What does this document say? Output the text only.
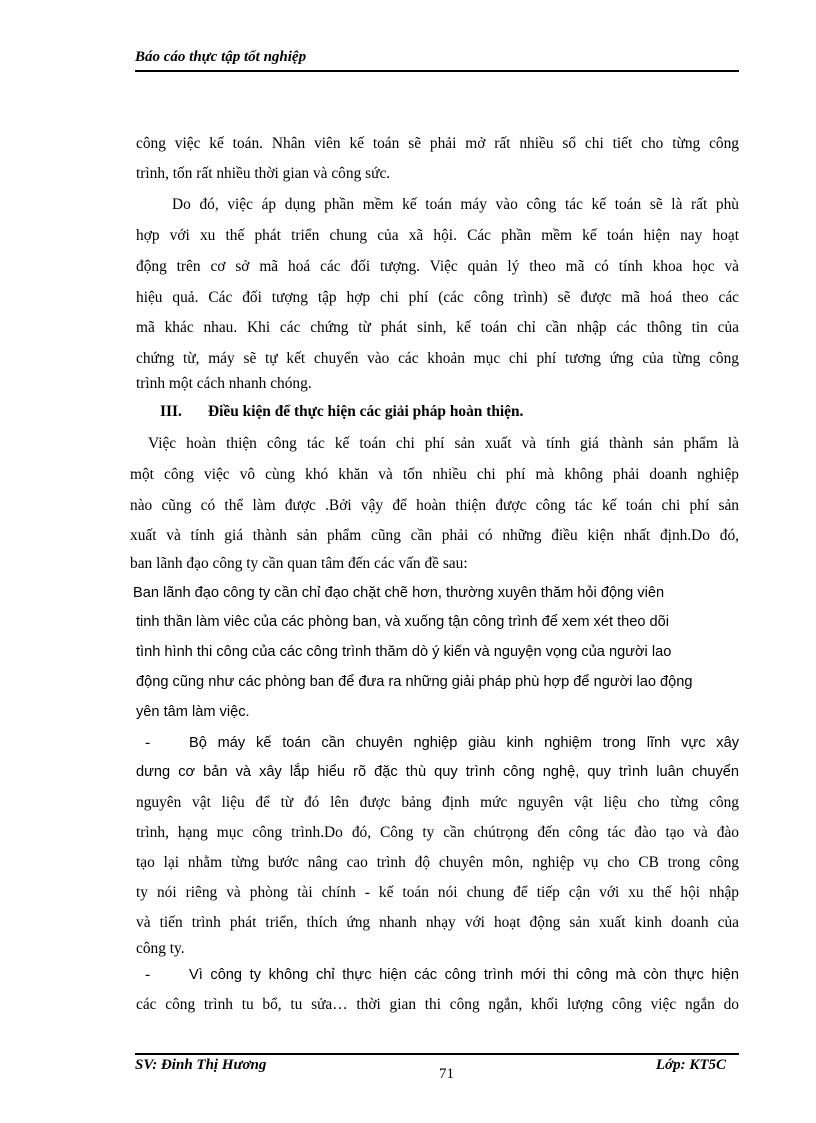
Báo cáo thực tập tốt nghiệp
công việc kế toán. Nhân viên kế toán sẽ phải mở rất nhiều sổ chi tiết cho từng công
trình, tốn rất nhiều thời gian và công sức.
Do đó, việc áp dụng phần mềm kế toán máy vào công tác kế toán sẽ là rất phù
hợp với xu thế phát triển chung của xã hội. Các phần mềm kế toán hiện nay hoạt
động trên cơ sở mã hoá các đối tượng. Việc quản lý theo mã có tính khoa học và
hiệu quả. Các đối tượng tập hợp chi phí (các công trình) sẽ được mã hoá theo các
mã khác nhau. Khi các chứng từ phát sinh, kế toán chỉ cần nhập các thông tin của
chứng từ, máy sẽ tự kết chuyển vào các khoản mục chi phí tương ứng của từng công
trình một cách nhanh chóng.
III. Điều kiện để thực hiện các giải pháp hoàn thiện.
Việc hoàn thiện công tác kế toán chi phí sản xuất và tính giá thành sản phẩm là
một công việc vô cùng khó khăn và tốn nhiều chi phí mà không phải doanh nghiệp
nào cũng có thể làm được .Bởi vậy để hoàn thiện được công tác kế toán chi phí sản
xuất và tính giá thành sản phẩm cũng cần phải có những điều kiện nhất định.Do đó,
ban lãnh đạo công ty cần quan tâm đến các vấn đề sau:
Ban lãnh đạo công ty cần chỉ đạo chặt chẽ hơn, thường xuyên thăm hỏi động viên
tinh thần làm viêc của các phòng ban, và xuống tận công trình để xem xét theo dõi
tình hình thi công của các công trình thăm dò ý kiến và nguyện vọng của người lao
động cũng như các phòng ban để đưa ra những giải pháp phù hợp để người lao động
yên tâm làm việc.
-	Bộ máy kế toán cần chuyên nghiệp giàu kinh nghiệm trong lĩnh vực xây
dưng cơ bản và xây lắp hiểu rõ đặc thù quy trình công nghệ, quy trình luân chuyển
nguyên vật liệu để từ đó lên được bảng định mức nguyên vật liệu cho từng công
trình, hạng mục công trình.Do đó, Công ty cần chútrọng đến công tác đào tạo và đào
tạo lại nhằm từng bước nâng cao trình độ chuyên môn, nghiệp vụ cho CB trong công
ty nói riêng và phòng tài chính - kế toán nói chung để tiếp cận với xu thế hội nhập
và tiến trình phát triển, thích ứng nhanh nhạy với hoạt động sản xuất kinh doanh của
công ty.
-	Vì công ty không chỉ thực hiện các công trình mới thi công mà còn thực hiện
các công trình tu bổ, tu sửa… thời gian thi công ngắn, khối lượng công việc ngắn do
SV: Đinh Thị Hương
71
Lớp: KT5C
